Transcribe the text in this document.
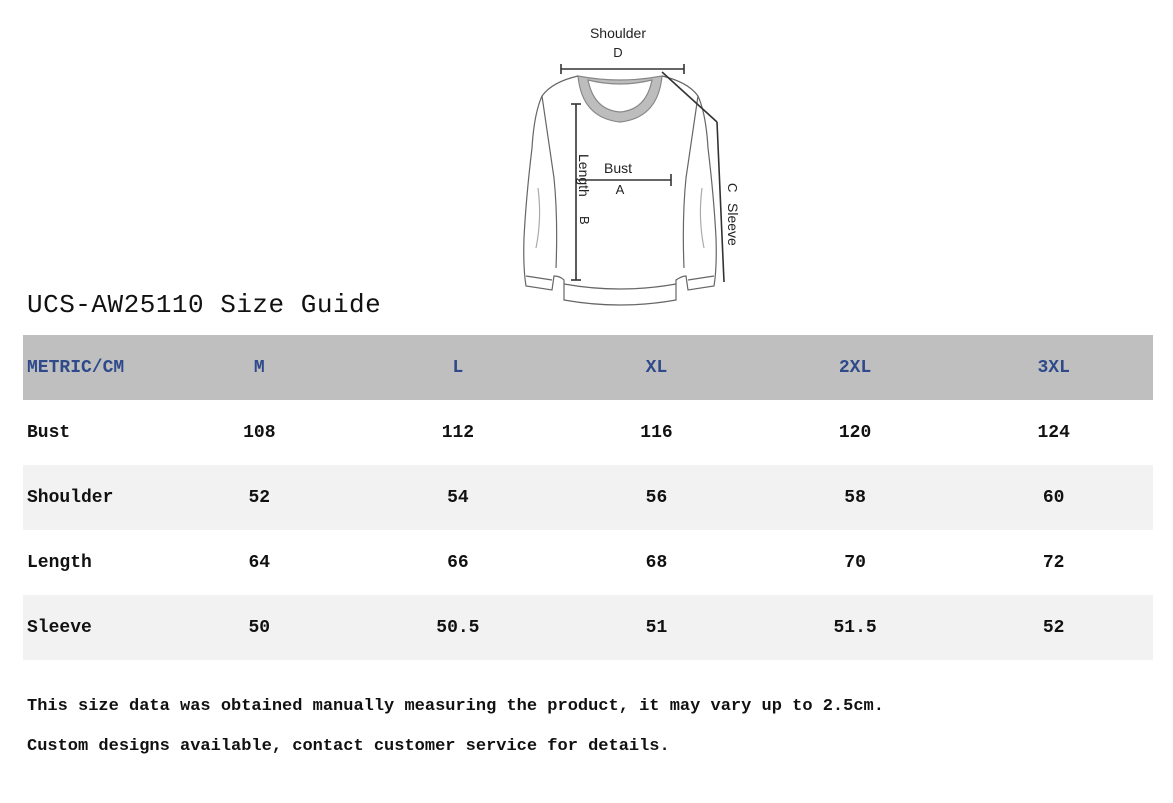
Shoulder
D
Length
B
Bust
A	C
Sleeve
UCS-AW25110 Size Guide
METRIC/CM	M	L	XL	2XL	3XL
Bust	108	112	116	120	124
Shoulder	52	54	56	58	60
Length	64	66	68	70	72
Sleeve	50	50.5	51	51.5	52
This size data was obtained manually measuring the product, it may vary up to 2.5cm.
Custom designs available, contact customer service for details.
